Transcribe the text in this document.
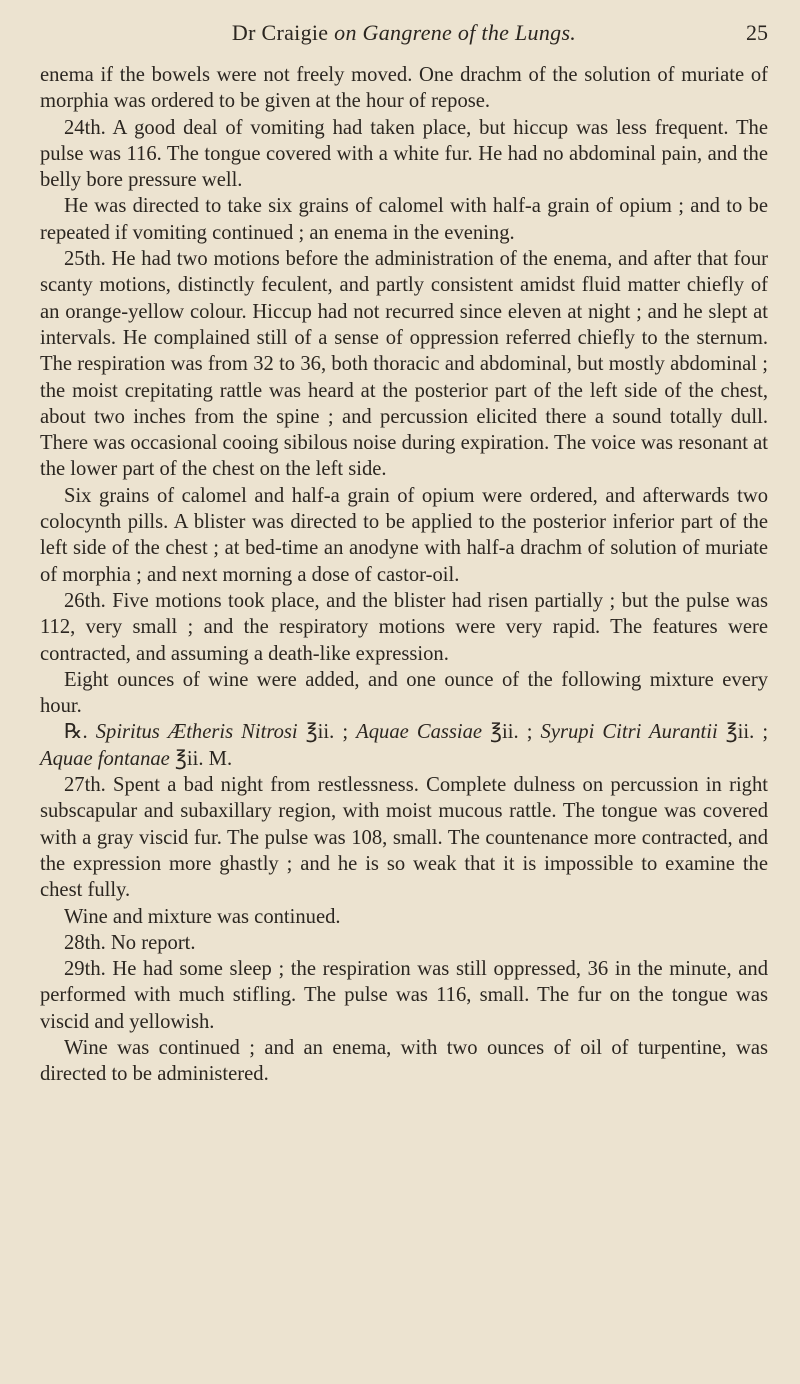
Dr Craigie on Gangrene of the Lungs.	25

enema if the bowels were not freely moved. One drachm of the solution of muriate of morphia was ordered to be given at the hour of repose.

24th. A good deal of vomiting had taken place, but hiccup was less frequent. The pulse was 116. The tongue covered with a white fur. He had no abdominal pain, and the belly bore pressure well.

He was directed to take six grains of calomel with half-a grain of opium ; and to be repeated if vomiting continued ; an enema in the evening.

25th. He had two motions before the administration of the enema, and after that four scanty motions, distinctly feculent, and partly consistent amidst fluid matter chiefly of an orange-yellow colour. Hiccup had not recurred since eleven at night ; and he slept at intervals. He complained still of a sense of oppression referred chiefly to the sternum. The respiration was from 32 to 36, both thoracic and abdominal, but mostly abdominal ; the moist crepitating rattle was heard at the posterior part of the left side of the chest, about two inches from the spine ; and percussion elicited there a sound totally dull. There was occasional cooing sibilous noise during expiration. The voice was resonant at the lower part of the chest on the left side.

Six grains of calomel and half-a grain of opium were ordered, and afterwards two colocynth pills. A blister was directed to be applied to the posterior inferior part of the left side of the chest ; at bed-time an anodyne with half-a drachm of solution of muriate of morphia ; and next morning a dose of castor-oil.

26th. Five motions took place, and the blister had risen partially ; but the pulse was 112, very small ; and the respiratory motions were very rapid. The features were contracted, and assuming a death-like expression.

Eight ounces of wine were added, and one ounce of the following mixture every hour.

℞. Spiritus Ætheris Nitrosi ℥ii. ; Aquae Cassiae ℥ii. ; Syrupi Citri Aurantii ℥ii. ; Aquae fontanae ℥ii. M.

27th. Spent a bad night from restlessness. Complete dulness on percussion in right subscapular and subaxillary region, with moist mucous rattle. The tongue was covered with a gray viscid fur. The pulse was 108, small. The countenance more contracted, and the expression more ghastly ; and he is so weak that it is impossible to examine the chest fully.

Wine and mixture was continued.

28th. No report.

29th. He had some sleep ; the respiration was still oppressed, 36 in the minute, and performed with much stifling. The pulse was 116, small. The fur on the tongue was viscid and yellowish.

Wine was continued ; and an enema, with two ounces of oil of turpentine, was directed to be administered.
